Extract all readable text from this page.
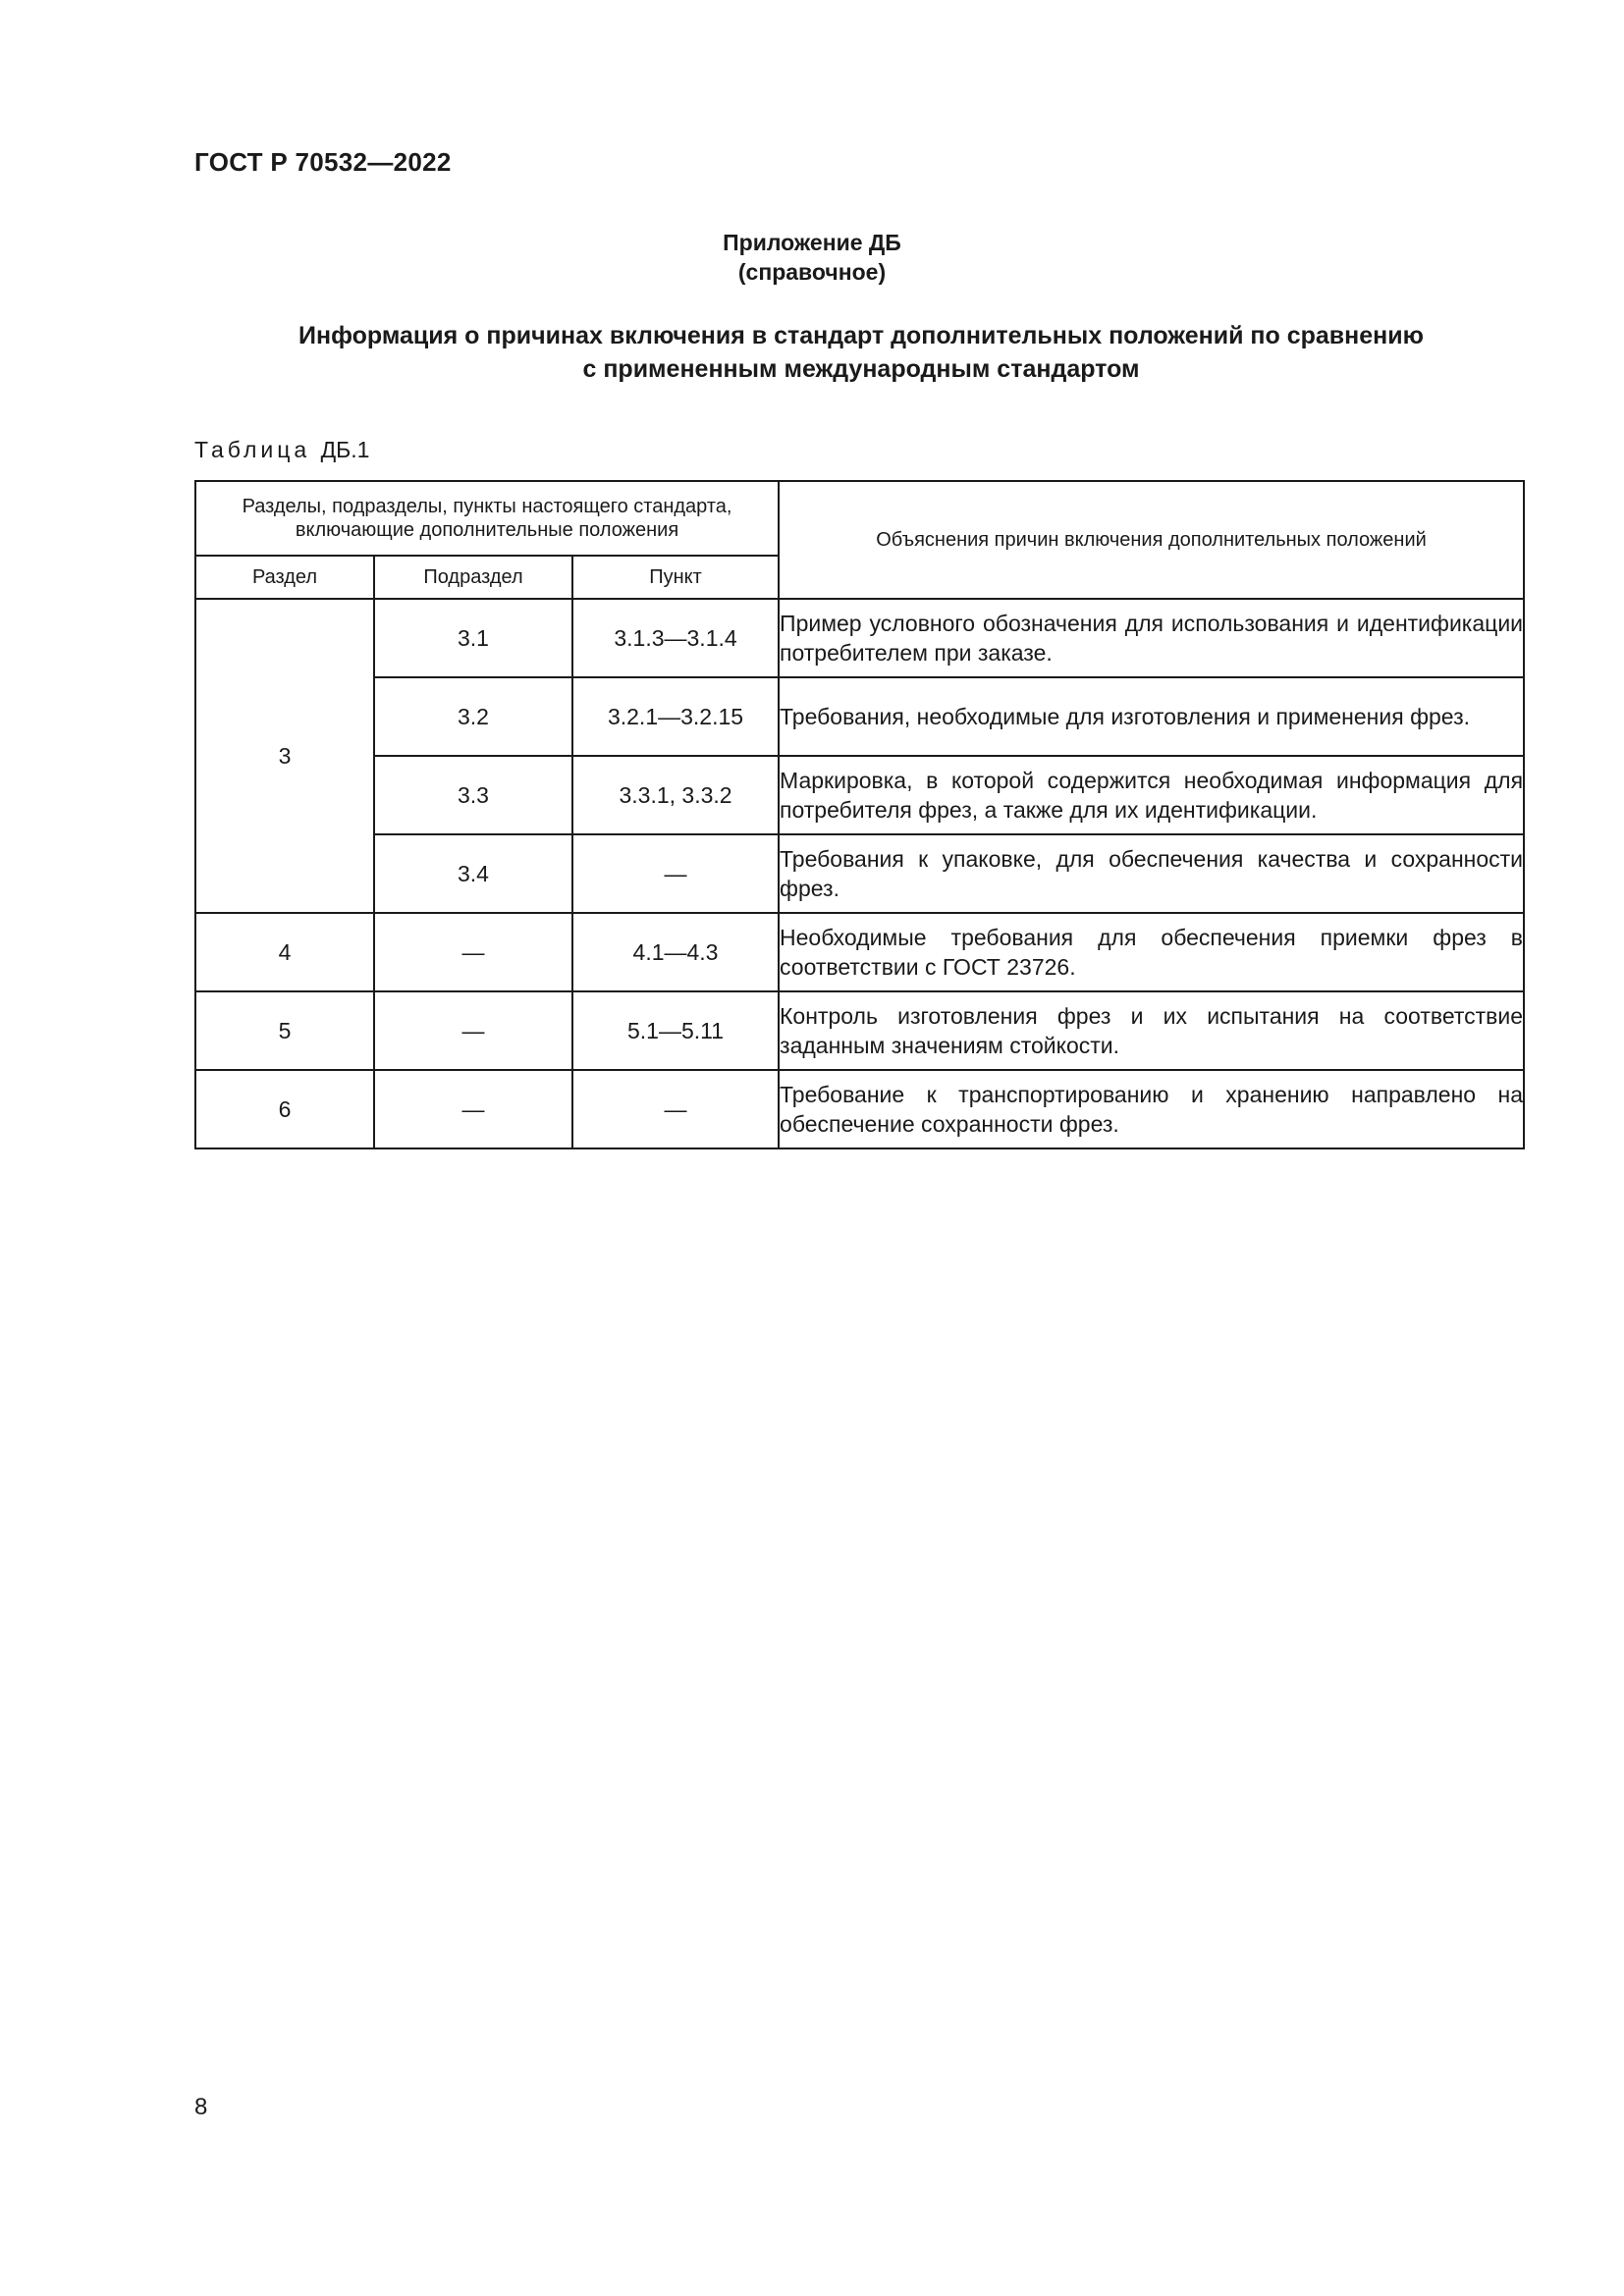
ГОСТ Р 70532—2022
Приложение ДБ
(справочное)
Информация о причинах включения в стандарт дополнительных положений по сравнению
с примененным международным стандартом
Таблица ДБ.1
Разделы, подразделы, пункты настоящего стандарта, включающие дополнительные положения			Объяснения причин включения дополнительных положений
Раздел	Подраздел	Пункт	
3	3.1	3.1.3—3.1.4	Пример условного обозначения для использования и идентификации потребителем при заказе.
	3.2	3.2.1—3.2.15	Требования, необходимые для изготовления и применения фрез.
	3.3	3.3.1, 3.3.2	Маркировка, в которой содержится необходимая информация для потребителя фрез, а также для их идентификации.
	3.4	—	Требования к упаковке, для обеспечения качества и сохранности фрез.
4	—	4.1—4.3	Необходимые требования для обеспечения приемки фрез в соответствии с ГОСТ 23726.
5	—	5.1—5.11	Контроль изготовления фрез и их испытания на соответствие заданным значениям стойкости.
6	—	—	Требование к транспортированию и хранению направлено на обеспечение сохранности фрез.
8
